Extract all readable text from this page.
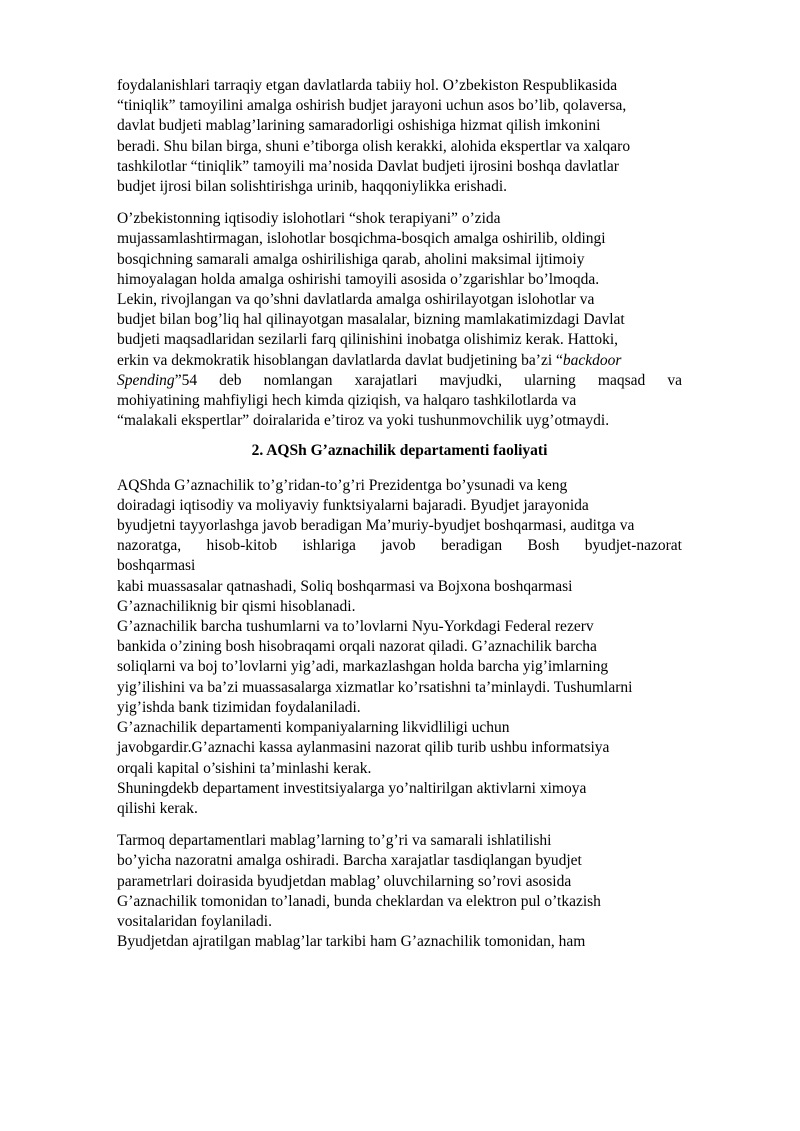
foydalanishlari tarraqiy etgan davlatlarda tabiiy hol. O’zbekiston Respublikasida
“tiniqlik” tamoyilini amalga oshirish budjet jarayoni uchun asos bo’lib, qolaversa,
davlat budjeti mablag’larining samaradorligi oshishiga hizmat qilish imkonini
beradi. Shu bilan birga, shuni e’tiborga olish kerakki, alohida ekspertlar va xalqaro
tashkilotlar “tiniqlik” tamoyili ma’nosida Davlat budjeti ijrosini boshqa davlatlar
budjet ijrosi bilan solishtirishga urinib, haqqoniylikka erishadi.
O’zbekistonning iqtisodiy islohotlari “shok terapiyani” o’zida
mujassamlashtirmagan, islohotlar bosqichma-bosqich amalga oshirilib, oldingi
bosqichning samarali amalga oshirilishiga qarab, aholini maksimal ijtimoiy
himoyalagan holda amalga oshirishi tamoyili asosida o’zgarishlar bo’lmoqda.
Lekin, rivojlangan va qo’shni davlatlarda amalga oshirilayotgan islohotlar va
budjet bilan bog’liq hal qilinayotgan masalalar, bizning mamlakatimizdagi Davlat
budjeti maqsadlaridan sezilarli farq qilinishini inobatga olishimiz kerak. Hattoki,
erkin va dekmokratik hisoblangan davlatlarda davlat budjetining ba’zi “backdoor
Spending”54 deb nomlangan xarajatlari mavjudki, ularning maqsad va
mohiyatining mahfiyligi hech kimda qiziqish, va halqaro tashkilotlarda va
“malakali ekspertlar” doiralarida e’tiroz va yoki tushunmovchilik uyg’otmaydi.
2. AQSh G’aznachilik departamenti faoliyati
AQShda G’aznachilik to’g’ridan-to’g’ri Prezidentga bo’ysunadi va keng
doiradagi iqtisodiy va moliyaviy funktsiyalarni bajaradi. Byudjet jarayonida
byudjetni tayyorlashga javob beradigan Ma’muriy-byudjet boshqarmasi, auditga va
nazoratga, hisob-kitob ishlariga javob beradigan Bosh byudjet-nazorat
boshqarmasi
kabi muassasalar qatnashadi, Soliq boshqarmasi va Bojxona boshqarmasi
G’aznachiliknig bir qismi hisoblanadi.
G’aznachilik barcha tushumlarni va to’lovlarni Nyu-Yorkdagi Federal rezerv
bankida o’zining bosh hisobraqami orqali nazorat qiladi. G’aznachilik barcha
soliqlarni va boj to’lovlarni yig’adi, markazlashgan holda barcha yig’imlarning
yig’ilishini va ba’zi muassasalarga xizmatlar ko’rsatishni ta’minlaydi. Tushumlarni
yig’ishda bank tizimidan foydalaniladi.
G’aznachilik departamenti kompaniyalarning likvidliligi uchun
javobgardir.G’aznachi kassa aylanmasini nazorat qilib turib ushbu informatsiya
orqali kapital o’sishini ta’minlashi kerak.
Shuningdekb departament investitsiyalarga yo’naltirilgan aktivlarni ximoya
qilishi kerak.
Tarmoq departamentlari mablag’larning to’g’ri va samarali ishlatilishi
bo’yicha nazoratni amalga oshiradi. Barcha xarajatlar tasdiqlangan byudjet
parametrlari doirasida byudjetdan mablag’ oluvchilarning so’rovi asosida
G’aznachilik tomonidan to’lanadi, bunda cheklardan va elektron pul o’tkazish
vositalaridan foylaniladi.
Byudjetdan ajratilgan mablag’lar tarkibi ham G’aznachilik tomonidan, ham
